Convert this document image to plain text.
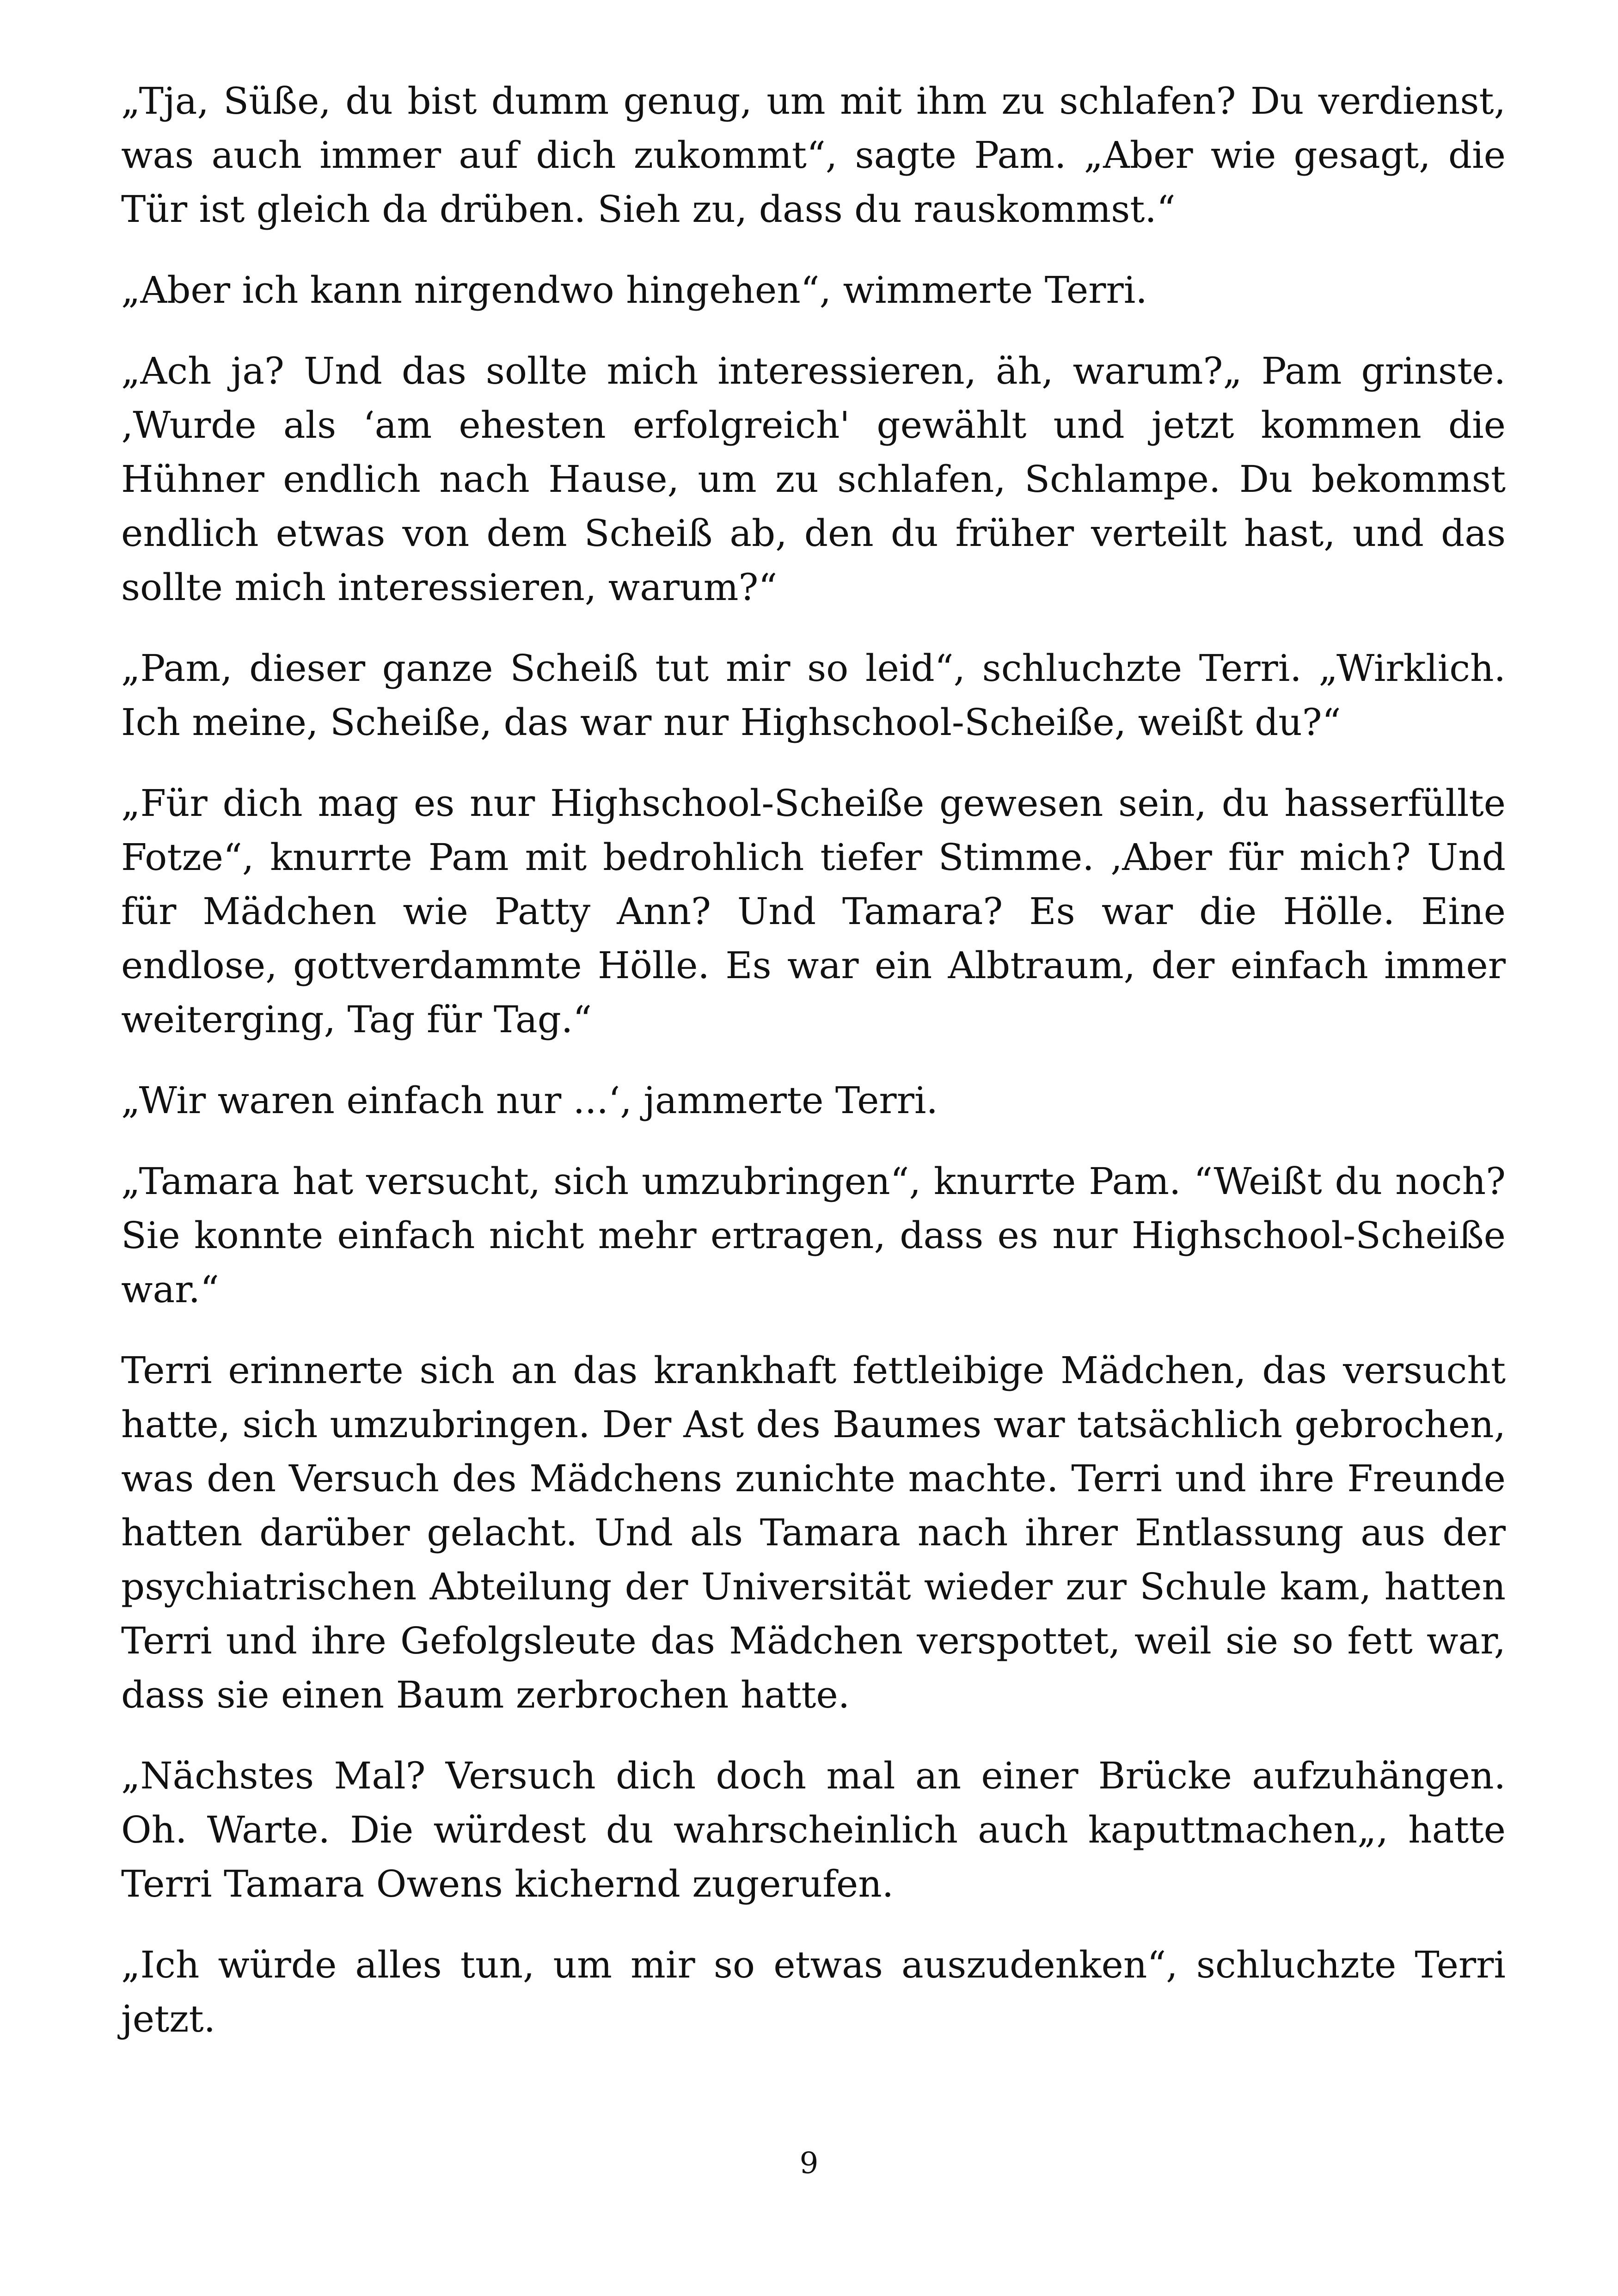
„Tja, Süße, du bist dumm genug, um mit ihm zu schlafen? Du verdienst, was auch immer auf dich zukommt“, sagte Pam. „Aber wie gesagt, die Tür ist gleich da drüben. Sieh zu, dass du rauskommst.“

„Aber ich kann nirgendwo hingehen“, wimmerte Terri.

„Ach ja? Und das sollte mich interessieren, äh, warum?„ Pam grinste. ‚Wurde als ‘am ehesten erfolgreich' gewählt und jetzt kommen die Hühner endlich nach Hause, um zu schlafen, Schlampe. Du bekommst endlich etwas von dem Scheiß ab, den du früher verteilt hast, und das sollte mich interessieren, warum?“

„Pam, dieser ganze Scheiß tut mir so leid“, schluchzte Terri. „Wirklich. Ich meine, Scheiße, das war nur Highschool-Scheiße, weißt du?“

„Für dich mag es nur Highschool-Scheiße gewesen sein, du hasserfüllte Fotze“, knurrte Pam mit bedrohlich tiefer Stimme. ‚Aber für mich? Und für Mädchen wie Patty Ann? Und Tamara? Es war die Hölle. Eine endlose, gottverdammte Hölle. Es war ein Albtraum, der einfach immer weiterging, Tag für Tag.“

„Wir waren einfach nur ...‘, jammerte Terri.

„Tamara hat versucht, sich umzubringen“, knurrte Pam. “Weißt du noch? Sie konnte einfach nicht mehr ertragen, dass es nur Highschool-Scheiße war.“

Terri erinnerte sich an das krankhaft fettleibige Mädchen, das versucht hatte, sich umzubringen. Der Ast des Baumes war tatsächlich gebrochen, was den Versuch des Mädchens zunichte machte. Terri und ihre Freunde hatten darüber gelacht. Und als Tamara nach ihrer Entlassung aus der psychiatrischen Abteilung der Universität wieder zur Schule kam, hatten Terri und ihre Gefolgsleute das Mädchen verspottet, weil sie so fett war, dass sie einen Baum zerbrochen hatte.

„Nächstes Mal? Versuch dich doch mal an einer Brücke aufzuhängen. Oh. Warte. Die würdest du wahrscheinlich auch kaputtmachen„, hatte Terri Tamara Owens kichernd zugerufen.

„Ich würde alles tun, um mir so etwas auszudenken“, schluchzte Terri jetzt.

9
